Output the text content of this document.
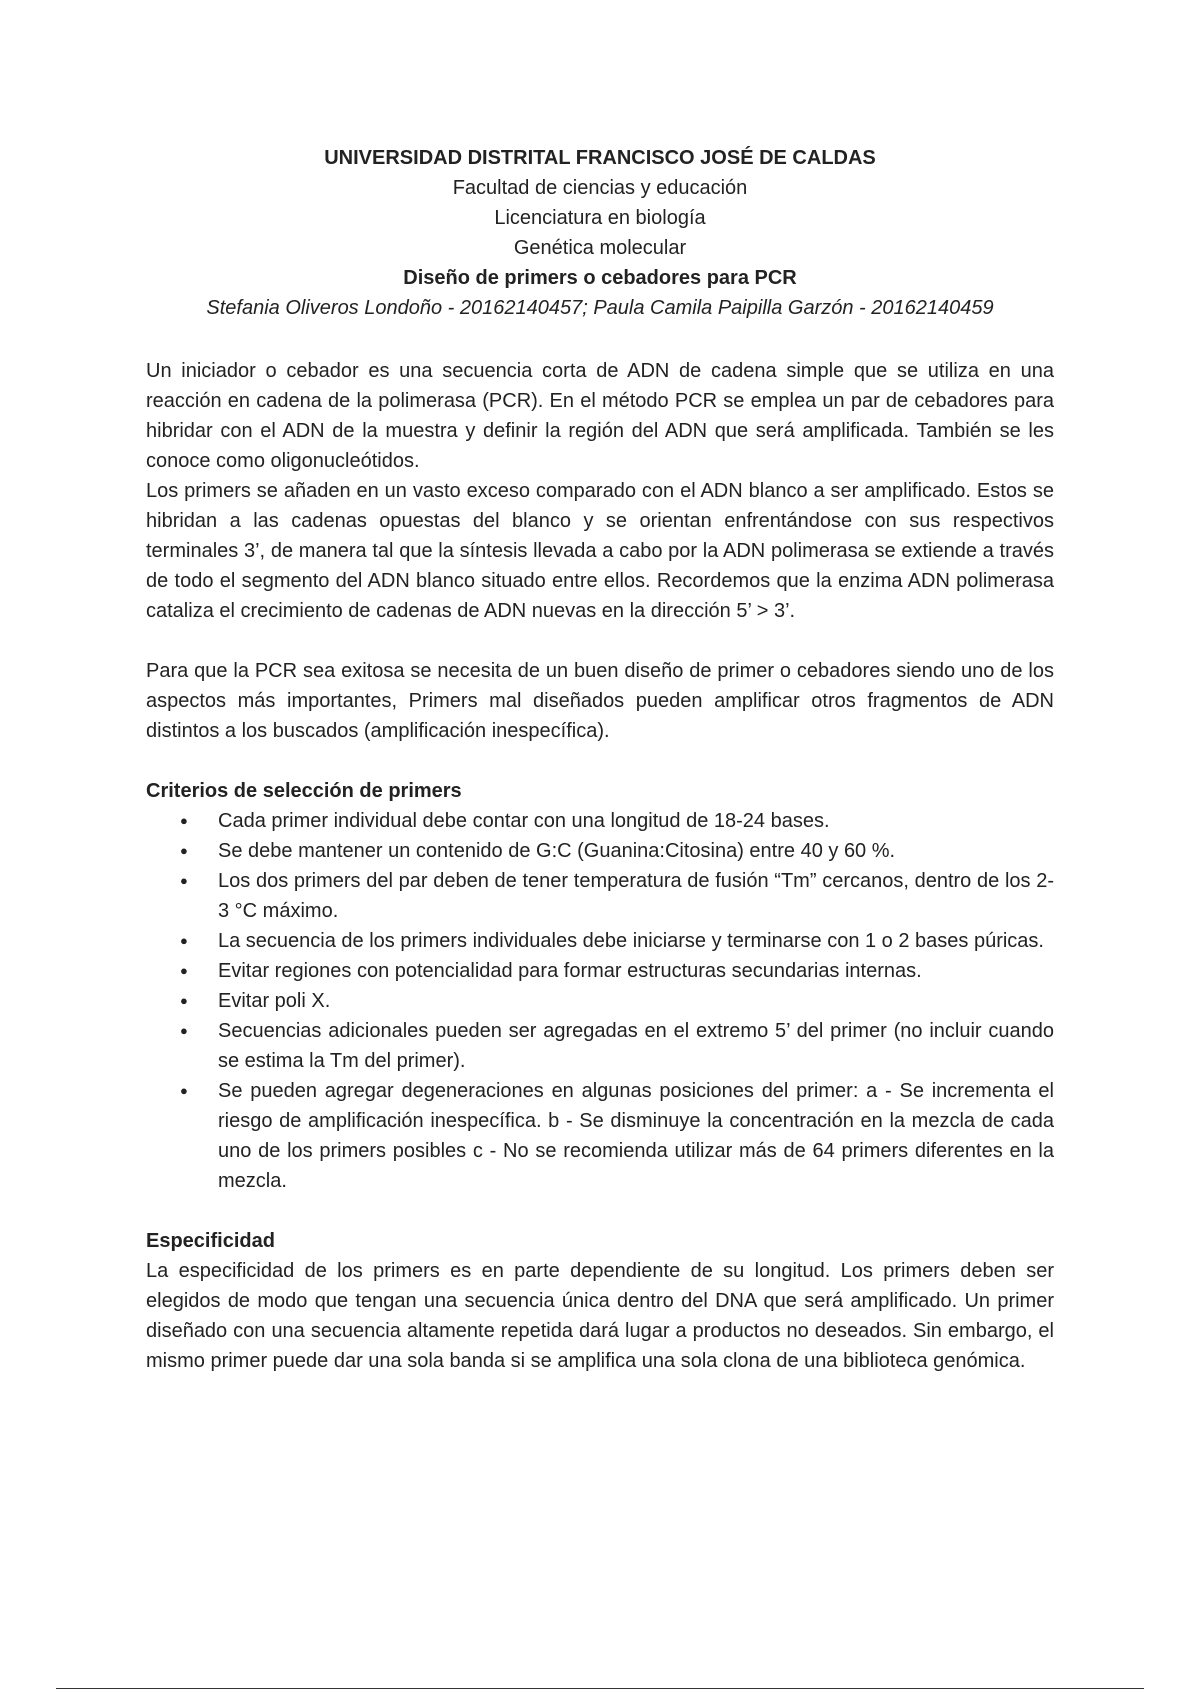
UNIVERSIDAD DISTRITAL FRANCISCO JOSÉ DE CALDAS
Facultad de ciencias y educación
Licenciatura en biología
Genética molecular
Diseño de primers o cebadores para PCR
Stefania Oliveros Londoño - 20162140457; Paula Camila Paipilla Garzón - 20162140459

Un iniciador o cebador es una secuencia corta de ADN de cadena simple que se utiliza en una reacción en cadena de la polimerasa (PCR). En el método PCR se emplea un par de cebadores para hibridar con el ADN de la muestra y definir la región del ADN que será amplificada. También se les conoce como oligonucleótidos.

Los primers se añaden en un vasto exceso comparado con el ADN blanco a ser amplificado. Estos se hibridan a las cadenas opuestas del blanco y se orientan enfrentándose con sus respectivos terminales 3’, de manera tal que la síntesis llevada a cabo por la ADN polimerasa se extiende a través de todo el segmento del ADN blanco situado entre ellos. Recordemos que la enzima ADN polimerasa cataliza el crecimiento de cadenas de ADN nuevas en la dirección 5’ > 3’.

Para que la PCR sea exitosa se necesita de un buen diseño de primer o cebadores siendo uno de los aspectos más importantes, Primers mal diseñados pueden amplificar otros fragmentos de ADN distintos a los buscados (amplificación inespecífica).

Criterios de selección de primers

● Cada primer individual debe contar con una longitud de 18-24 bases.
● Se debe mantener un contenido de G:C (Guanina:Citosina) entre 40 y 60 %.
● Los dos primers del par deben de tener temperatura de fusión “Tm” cercanos, dentro de los 2-3 °C máximo.
● La secuencia de los primers individuales debe iniciarse y terminarse con 1 o 2 bases púricas.
● Evitar regiones con potencialidad para formar estructuras secundarias internas.
● Evitar poli X.
● Secuencias adicionales pueden ser agregadas en el extremo 5’ del primer (no incluir cuando se estima la Tm del primer).
● Se pueden agregar degeneraciones en algunas posiciones del primer: a - Se incrementa el riesgo de amplificación inespecífica. b - Se disminuye la concentración en la mezcla de cada uno de los primers posibles c - No se recomienda utilizar más de 64 primers diferentes en la mezcla.

Especificidad

La especificidad de los primers es en parte dependiente de su longitud. Los primers deben ser elegidos de modo que tengan una secuencia única dentro del DNA que será amplificado. Un primer diseñado con una secuencia altamente repetida dará lugar a productos no deseados. Sin embargo, el mismo primer puede dar una sola banda si se amplifica una sola clona de una biblioteca genómica.
